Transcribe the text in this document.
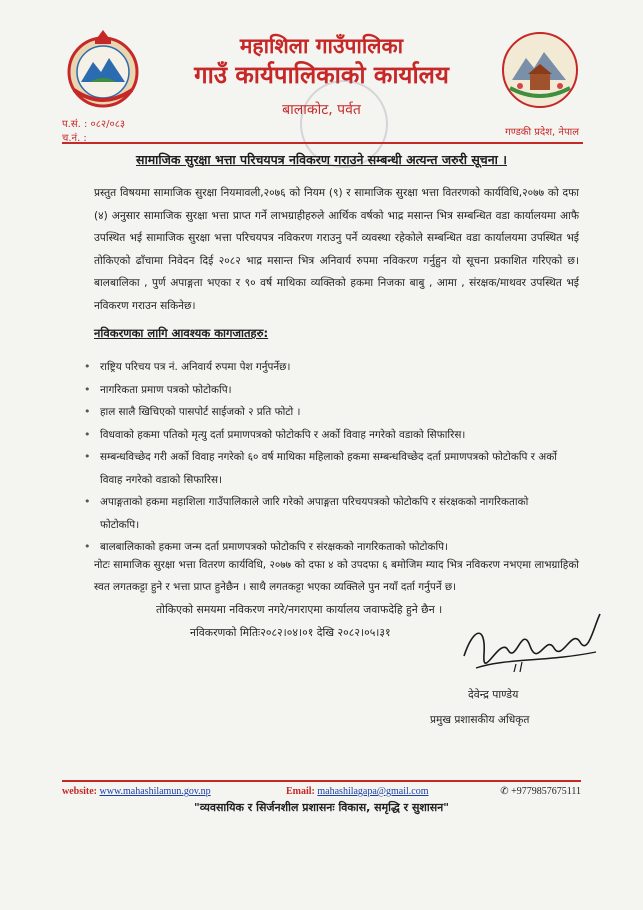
महाशिला गाउँपालिका
गाउँ कार्यपालिकाको कार्यालय
बालाकोट, पर्वत
प.सं. : ०८२/०८३
च.नं. :
गण्डकी प्रदेश, नेपाल
सामाजिक सुरक्षा भत्ता परिचयपत्र नविकरण गराउने सम्बन्धी अत्यन्त जरुरी सूचना ।

प्रस्तुत विषयमा सामाजिक सुरक्षा नियमावली,२०७६ को नियम (९) र सामाजिक सुरक्षा भत्ता वितरणको कार्यविधि,२०७७ को दफा (४) अनुसार सामाजिक सुरक्षा भत्ता प्राप्त गर्ने लाभग्राहीहरुले आर्थिक वर्षको भाद्र मसान्त भित्र सम्बन्धित वडा कार्यालयमा आफै उपस्थित भई सामाजिक सुरक्षा भत्ता परिचयपत्र नविकरण गराउनु पर्ने व्यवस्था रहेकोले सम्बन्धित वडा कार्यालयमा उपस्थित भई तोकिएको ढाँचामा निवेदन दिई २०८२ भाद्र मसान्त भित्र अनिवार्य रुपमा नविकरण गर्नुहुन यो सूचना प्रकाशित गरिएको छ। बालबालिका , पुर्ण अपाङ्गता भएका र ९० वर्ष माथिका व्यक्तिको हकमा निजका बाबु , आमा , संरक्षक/माथवर उपस्थित भई नविकरण गराउन सकिनेछ।

नविकरणका लागि आवश्यक कागजातहरु:
• राष्ट्रिय परिचय पत्र नं. अनिवार्य रुपमा पेश गर्नुपर्नेछ।
• नागरिकता प्रमाण पत्रको फोटोकपि।
• हाल सालै खिचिएको पासपोर्ट साईजको २ प्रति फोटो ।
• विधवाको हकमा पतिको मृत्यु दर्ता प्रमाणपत्रको फोटोकपि र अर्को विवाह नगरेको वडाको सिफारिस।
• सम्बन्धविच्छेद गरी अर्को विवाह नगरेको ६० वर्ष माथिका महिलाको हकमा सम्बन्धविच्छेद दर्ता प्रमाणपत्रको फोटोकपि र अर्को विवाह नगरेको वडाको सिफारिस।
• अपाङ्गताको हकमा महाशिला गाउँपालिकाले जारि गरेको अपाङ्गता परिचयपत्रको फोटोकपि र संरक्षकको नागरिकताको फोटोकपि।
• बालबालिकाको हकमा जन्म दर्ता प्रमाणपत्रको फोटोकपि र संरक्षकको नागरिकताको फोटोकपि।

नोटः सामाजिक सुरक्षा भत्ता वितरण कार्यविधि, २०७७ को दफा ४ को उपदफा ६ बमोजिम म्याद भित्र नविकरण नभएमा लाभग्राहिको स्वत लगतकट्टा हुने र भत्ता प्राप्त हुनेछैन । साथै लगतकट्टा भएका व्यक्तिले पुन नयाँ दर्ता गर्नुपर्ने छ।

तोकिएको समयमा नविकरण नगरे/नगराएमा कार्यालय जवाफदेहि हुने छैन ।
नविकरणको मितिः२०८२।०४।०१ देखि २०८२।०५।३१
देवेन्द्र पाण्डेय
प्रमुख प्रशासकीय अधिकृत
website: www.mahashilamun.gov.np	Email: mahashilagapa@gmail.com	✆ +9779857675111
"व्यवसायिक र सिर्जनशील प्रशासनः विकास, समृद्धि र सुशासन"
